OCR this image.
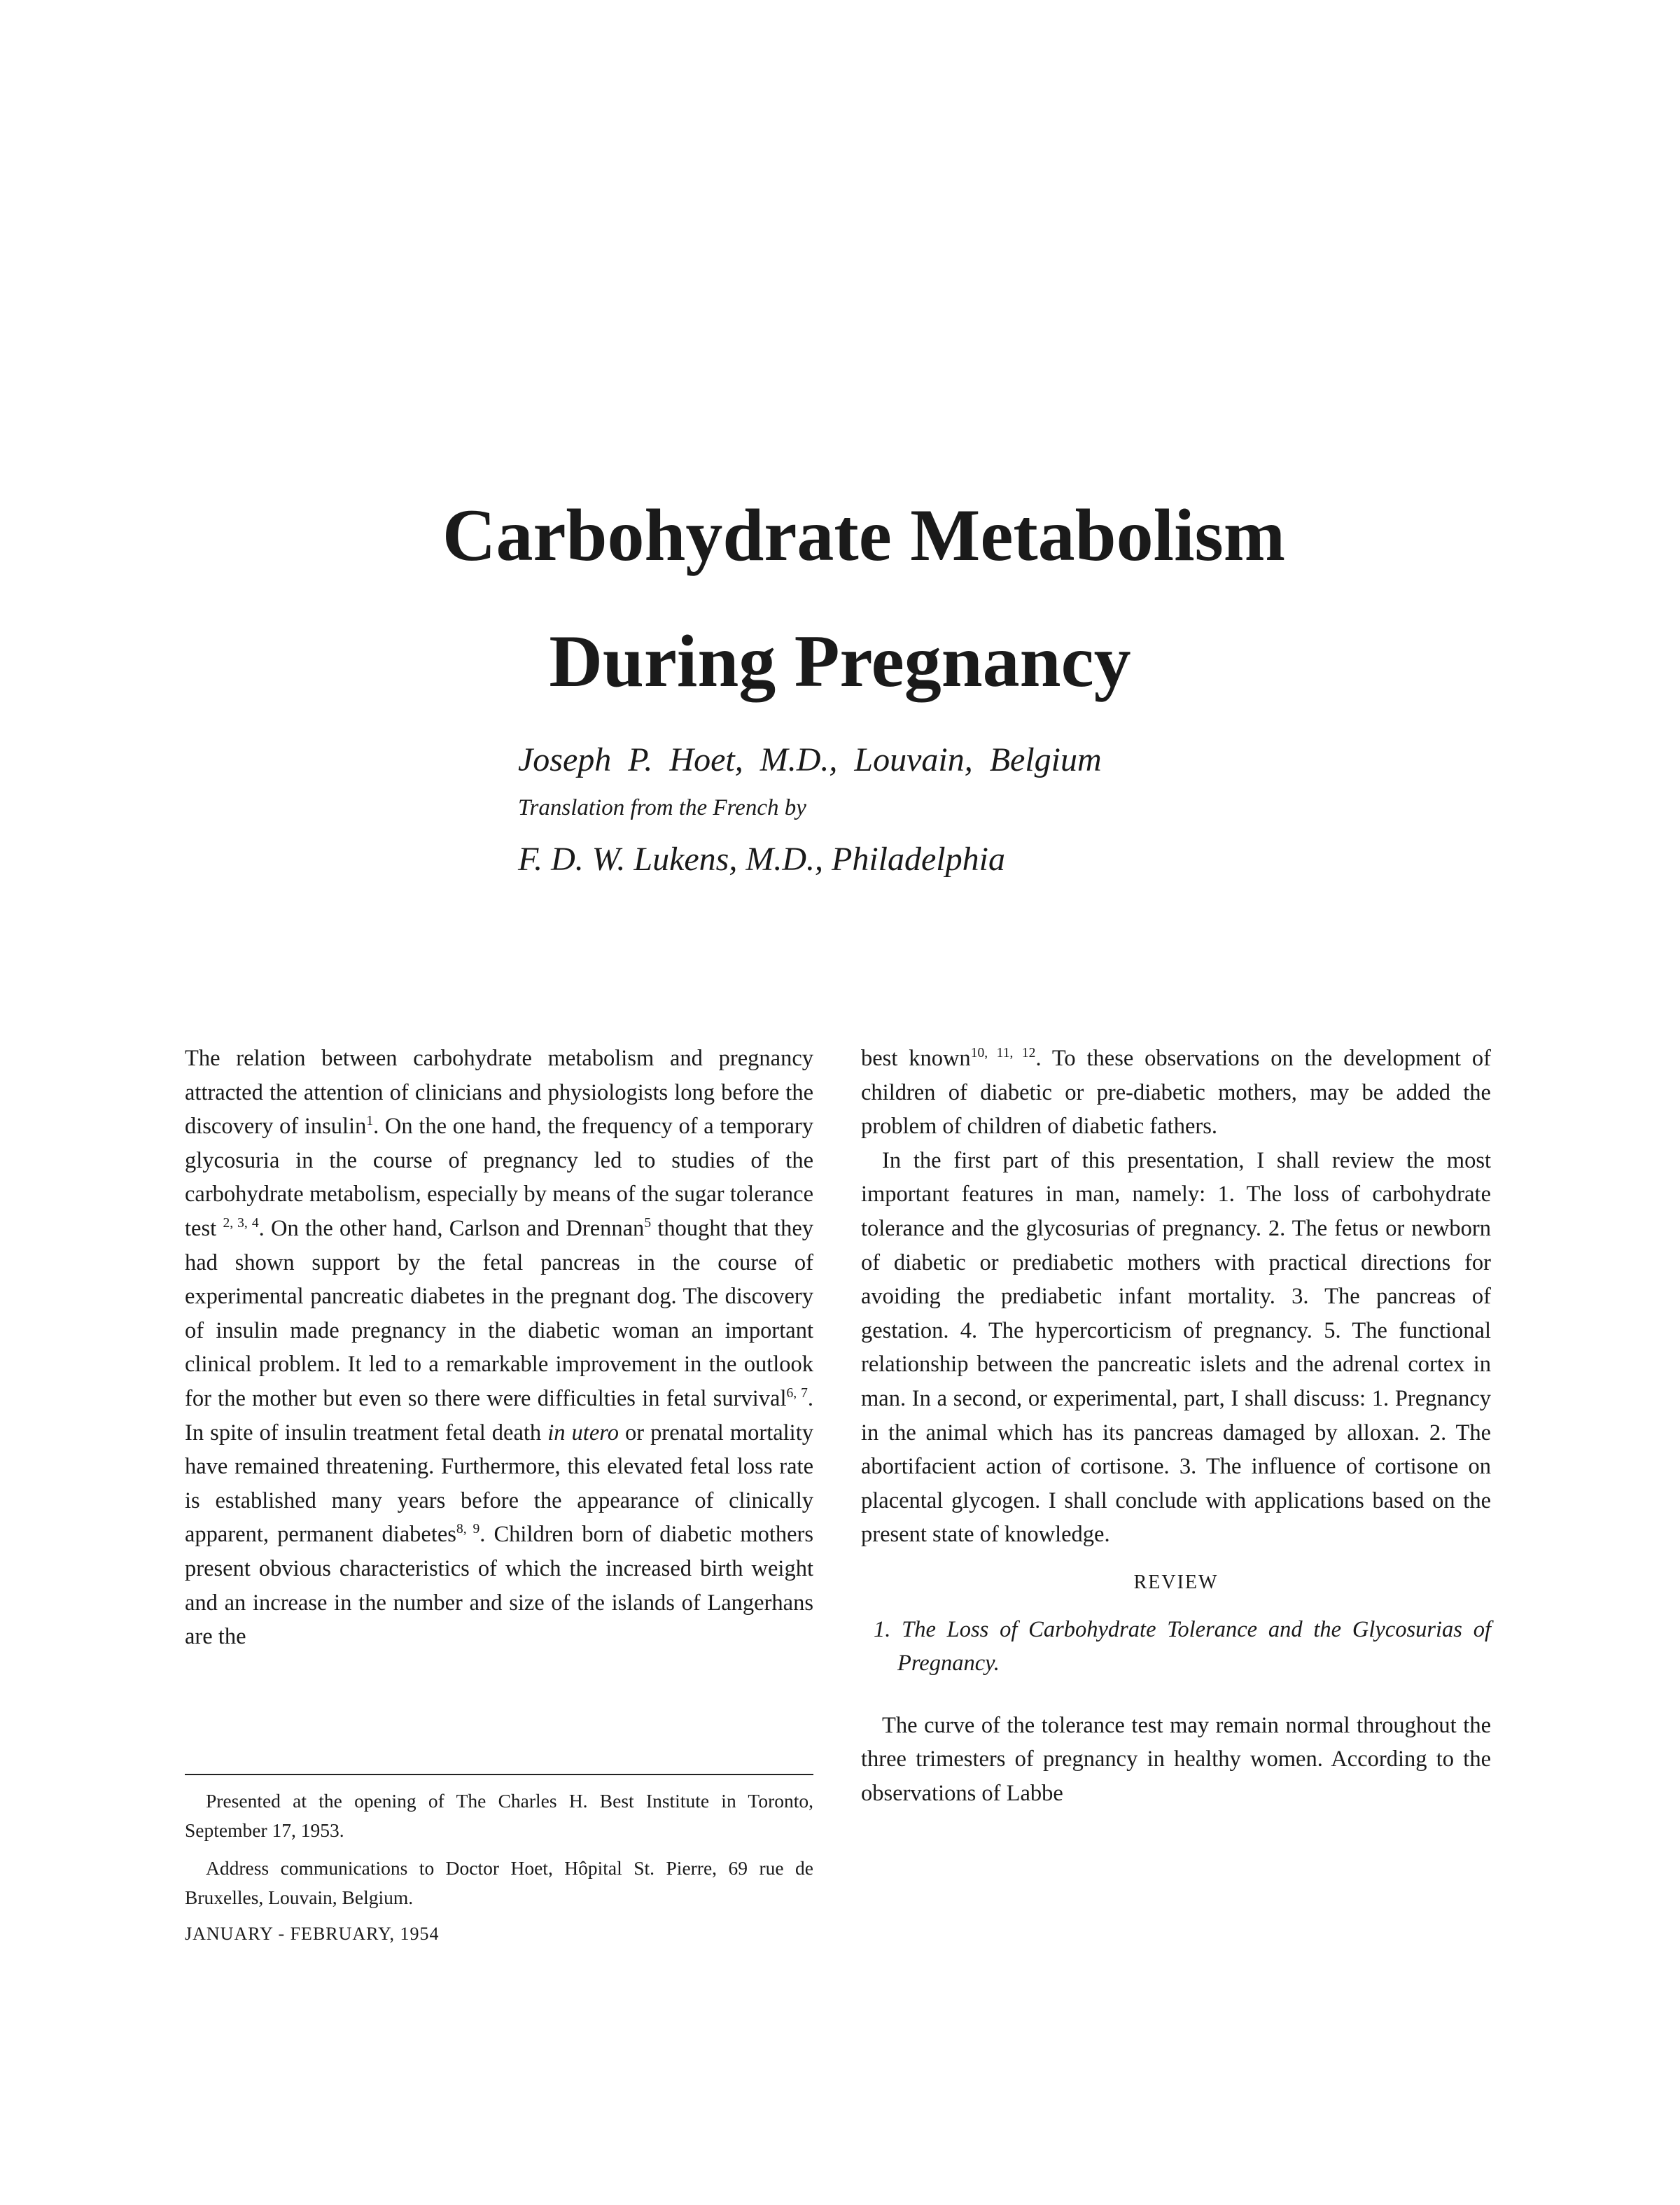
Carbohydrate Metabolism
During Pregnancy

Joseph P. Hoet, M.D., Louvain, Belgium

Translation from the French by

F. D. W. Lukens, M.D., Philadelphia

The relation between carbohydrate metabolism and pregnancy attracted the attention of clinicians and physiologists long before the discovery of insulin$^1$. On the one hand, the frequency of a temporary glycosuria in the course of pregnancy led to studies of the carbohydrate metabolism, especially by means of the sugar tolerance test $^{2, 3, 4}$. On the other hand, Carlson and Drennan$^5$ thought that they had shown support by the fetal pancreas in the course of experimental pancreatic diabetes in the pregnant dog. The discovery of insulin made pregnancy in the diabetic woman an important clinical problem. It led to a remarkable improvement in the outlook for the mother but even so there were difficulties in fetal survival$^{6, 7}$. In spite of insulin treatment fetal death in utero or prenatal mortality have remained threatening. Furthermore, this elevated fetal loss rate is established many years before the appearance of clinically apparent, permanent diabetes$^{8, 9}$. Children born of diabetic mothers present obvious characteristics of which the increased birth weight and an increase in the number and size of the islands of Langerhans are the

best known$^{10, 11, 12}$. To these observations on the development of children of diabetic or pre-diabetic mothers, may be added the problem of children of diabetic fathers.

In the first part of this presentation, I shall review the most important features in man, namely: 1. The loss of carbohydrate tolerance and the glycosurias of pregnancy. 2. The fetus or newborn of diabetic or prediabetic mothers with practical directions for avoiding the prediabetic infant mortality. 3. The pancreas of gestation. 4. The hypercorticism of pregnancy. 5. The functional relationship between the pancreatic islets and the adrenal cortex in man. In a second, or experimental, part, I shall discuss: 1. Pregnancy in the animal which has its pancreas damaged by alloxan. 2. The abortifacient action of cortisone. 3. The influence of cortisone on placental glycogen. I shall conclude with applications based on the present state of knowledge.

REVIEW

1. The Loss of Carbohydrate Tolerance and the Glycosurias of Pregnancy.

The curve of the tolerance test may remain normal throughout the three trimesters of pregnancy in healthy women. According to the observations of Labbe

Presented at the opening of The Charles H. Best Institute in Toronto, September 17, 1953.

Address communications to Doctor Hoet, Hôpital St. Pierre, 69 rue de Bruxelles, Louvain, Belgium.

JANUARY - FEBRUARY, 1954
